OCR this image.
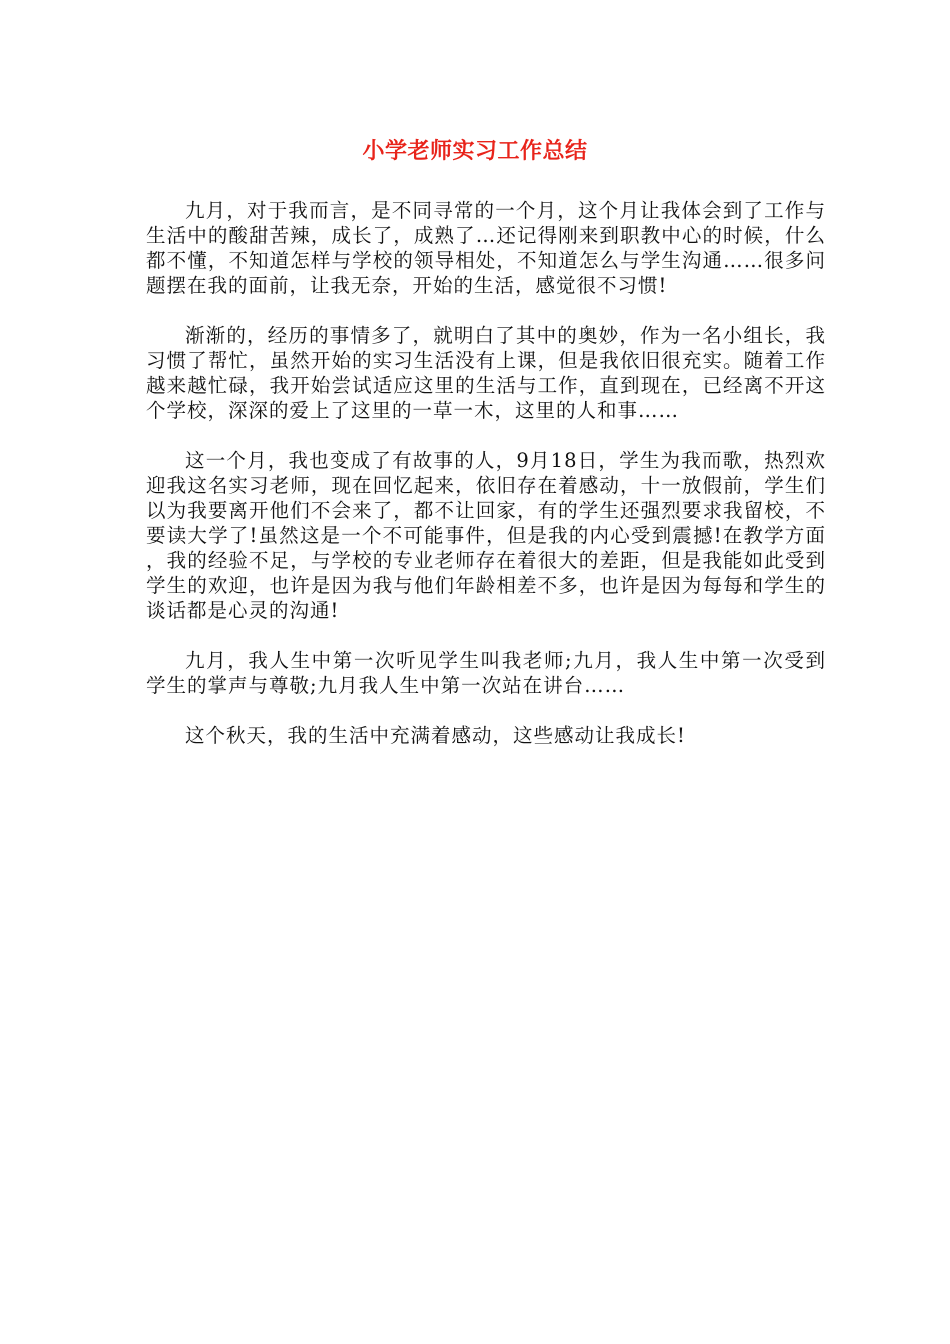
小学老师实习工作总结

九月，对于我而言，是不同寻常的一个月，这个月让我体会到了工作与生活中的酸甜苦辣，成长了，成熟了…还记得刚来到职教中心的时候，什么都不懂，不知道怎样与学校的领导相处，不知道怎么与学生沟通……很多问题摆在我的面前，让我无奈，开始的生活，感觉很不习惯!

渐渐的，经历的事情多了，就明白了其中的奥妙，作为一名小组长，我习惯了帮忙，虽然开始的实习生活没有上课，但是我依旧很充实。随着工作越来越忙碌，我开始尝试适应这里的生活与工作，直到现在，已经离不开这个学校，深深的爱上了这里的一草一木，这里的人和事……

这一个月，我也变成了有故事的人，9月18日，学生为我而歌，热烈欢迎我这名实习老师，现在回忆起来，依旧存在着感动，十一放假前，学生们以为我要离开他们不会来了，都不让回家，有的学生还强烈要求我留校，不要读大学了!虽然这是一个不可能事件，但是我的内心受到震撼!在教学方面，我的经验不足，与学校的专业老师存在着很大的差距，但是我能如此受到学生的欢迎，也许是因为我与他们年龄相差不多，也许是因为每每和学生的谈话都是心灵的沟通!

九月，我人生中第一次听见学生叫我老师;九月，我人生中第一次受到学生的掌声与尊敬;九月我人生中第一次站在讲台……

这个秋天，我的生活中充满着感动，这些感动让我成长!
